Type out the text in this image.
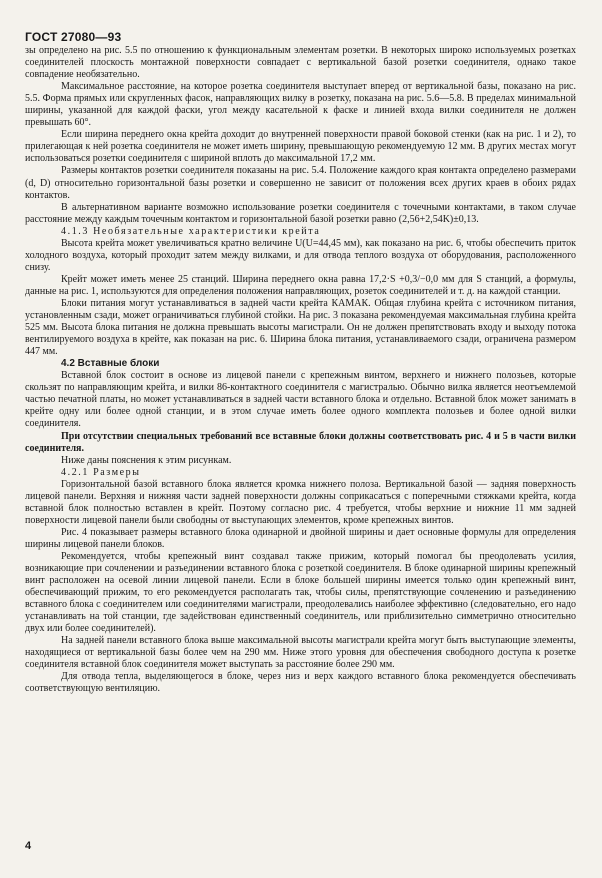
ГОСТ 27080—93

зы определено на рис. 5.5 по отношению к функциональным элементам розетки. В некоторых широко используемых розетках соединителей плоскость монтажной поверхности совпадает с вертикальной базой розетки соединителя, однако такое совпадение необязательно.

Максимальное расстояние, на которое розетка соединителя выступает вперед от вертикальной базы, показано на рис. 5.5. Форма прямых или скругленных фасок, направляющих вилку в розетку, показана на рис. 5.6—5.8. В пределах минимальной ширины, указанной для каждой фаски, угол между касательной к фаске и линией входа вилки соединителя не должен превышать 60°.

Если ширина переднего окна крейта доходит до внутренней поверхности правой боковой стенки (как на рис. 1 и 2), то прилегающая к ней розетка соединителя не может иметь ширину, превышающую рекомендуемую 12 мм. В других местах могут использоваться розетки соединителя с шириной вплоть до максимальной 17,2 мм.

Размеры контактов розетки соединителя показаны на рис. 5.4. Положение каждого края контакта определено размерами (d, D) относительно горизонтальной базы розетки и совершенно не зависит от положения всех других краев в обоих рядах контактов.

В альтернативном варианте возможно использование розетки соединителя с точечными контактами, в таком случае расстояние между каждым точечным контактом и горизонтальной базой розетки равно (2,56+2,54K)±0,13.

4.1.3 Необязательные характеристики крейта

Высота крейта может увеличиваться кратно величине U(U=44,45 мм), как показано на рис. 6, чтобы обеспечить приток холодного воздуха, который проходит затем между вилками, и для отвода теплого воздуха от оборудования, расположенного снизу.

Крейт может иметь менее 25 станций. Ширина переднего окна равна 17,2·S +0,3/−0,0 мм для S станций, а формулы, данные на рис. 1, используются для определения положения направляющих, розеток соединителей и т. д. на каждой станции.

Блоки питания могут устанавливаться в задней части крейта КАМАК. Общая глубина крейта с источником питания, установленным сзади, может ограничиваться глубиной стойки. На рис. 3 показана рекомендуемая максимальная глубина крейта 525 мм. Высота блока питания не должна превышать высоты магистрали. Он не должен препятствовать входу и выходу потока вентилируемого воздуха в крейте, как показан на рис. 6. Ширина блока питания, устанавливаемого сзади, ограничена размером 447 мм.

4.2 Вставные блоки

Вставной блок состоит в основе из лицевой панели с крепежным винтом, верхнего и нижнего полозьев, которые скользят по направляющим крейта, и вилки 86-контактного соединителя с магистралью. Обычно вилка является неотъемлемой частью печатной платы, но может устанавливаться в задней части вставного блока и отдельно. Вставной блок может занимать в крейте одну или более одной станции, и в этом случае иметь более одного комплекта полозьев и более одной вилки соединителя.

При отсутствии специальных требований все вставные блоки должны соответствовать рис. 4 и 5 в части вилки соединителя.

Ниже даны пояснения к этим рисункам.

4.2.1 Размеры

Горизонтальной базой вставного блока является кромка нижнего полоза. Вертикальной базой — задняя поверхность лицевой панели. Верхняя и нижняя части задней поверхности должны соприкасаться с поперечными стяжками крейта, когда вставной блок полностью вставлен в крейт. Поэтому согласно рис. 4 требуется, чтобы верхние и нижние 11 мм задней поверхности лицевой панели были свободны от выступающих элементов, кроме крепежных винтов.

Рис. 4 показывает размеры вставного блока одинарной и двойной ширины и дает основные формулы для определения ширины лицевой панели блоков.

Рекомендуется, чтобы крепежный винт создавал также прижим, который помогал бы преодолевать усилия, возникающие при сочленении и разъединении вставного блока с розеткой соединителя. В блоке одинарной ширины крепежный винт расположен на осевой линии лицевой панели. Если в блоке большей ширины имеется только один крепежный винт, обеспечивающий прижим, то его рекомендуется располагать так, чтобы силы, препятствующие сочленению и разъединению вставного блока с соединителем или соединителями магистрали, преодолевались наиболее эффективно (следовательно, его надо устанавливать на той станции, где задействован единственный соединитель, или приблизительно симметрично относительно двух или более соединителей).

На задней панели вставного блока выше максимальной высоты магистрали крейта могут быть выступающие элементы, находящиеся от вертикальной базы более чем на 290 мм. Ниже этого уровня для обеспечения свободного доступа к розетке соединителя вставной блок соединителя может выступать за расстояние более 290 мм.

Для отвода тепла, выделяющегося в блоке, через низ и верх каждого вставного блока рекомендуется обеспечивать соответствующую вентиляцию.

4
